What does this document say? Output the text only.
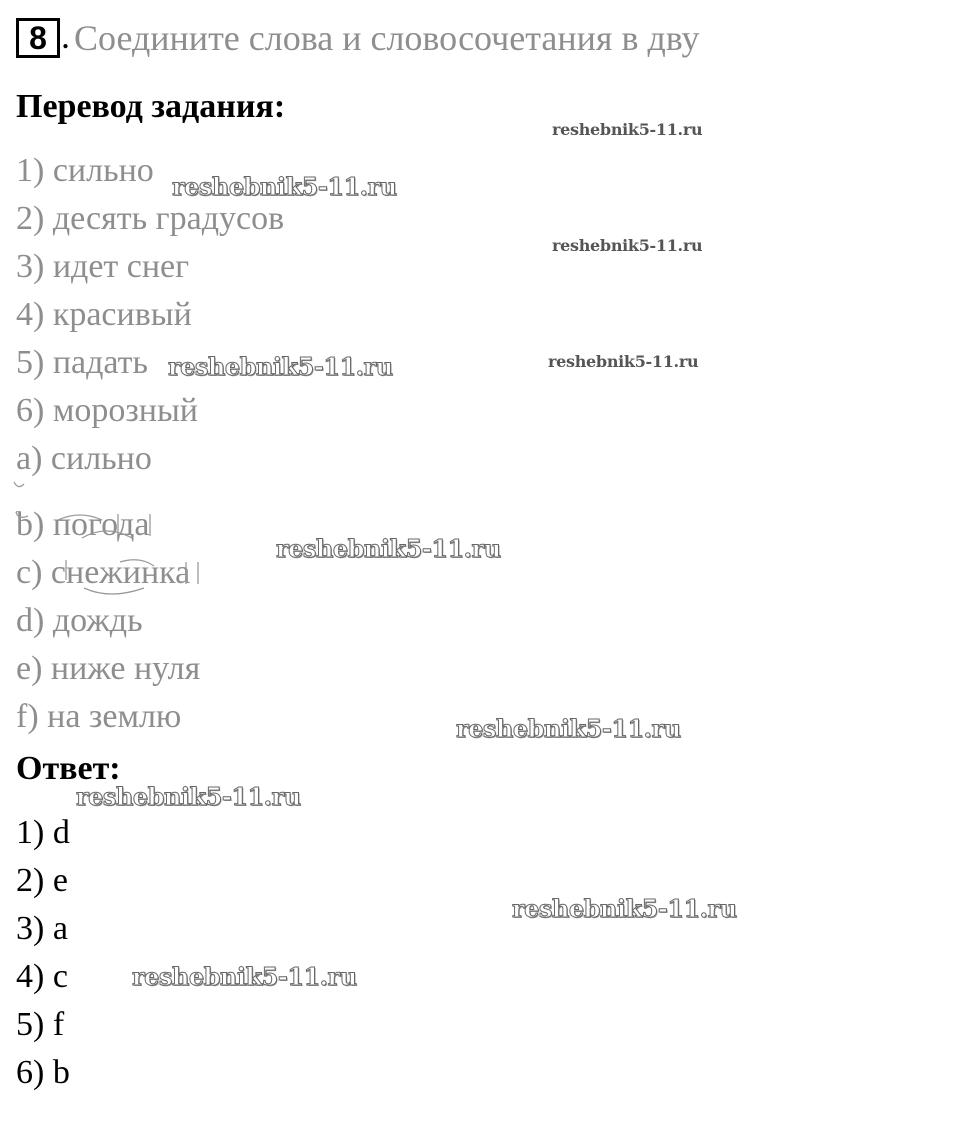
8 . Соедините слова и словосочетания в дву
Перевод задания:
1) сильно
2) десять градусов
3) идет снег
4) красивый
5) падать
6) морозный
a) сильно
b) погода
c) снежинка
d) дождь
e) ниже нуля
f) на землю
Ответ:
1) d
2) e
3) a
4) c
5) f
6) b
reshebnik5-11.ru
reshebnik5-11.ru
reshebnik5-11.ru
reshebnik5-11.ru
reshebnik5-11.ru
reshebnik5-11.ru
reshebnik5-11.ru
reshebnik5-11.ru
reshebnik5-11.ru
reshebnik5-11.ru
